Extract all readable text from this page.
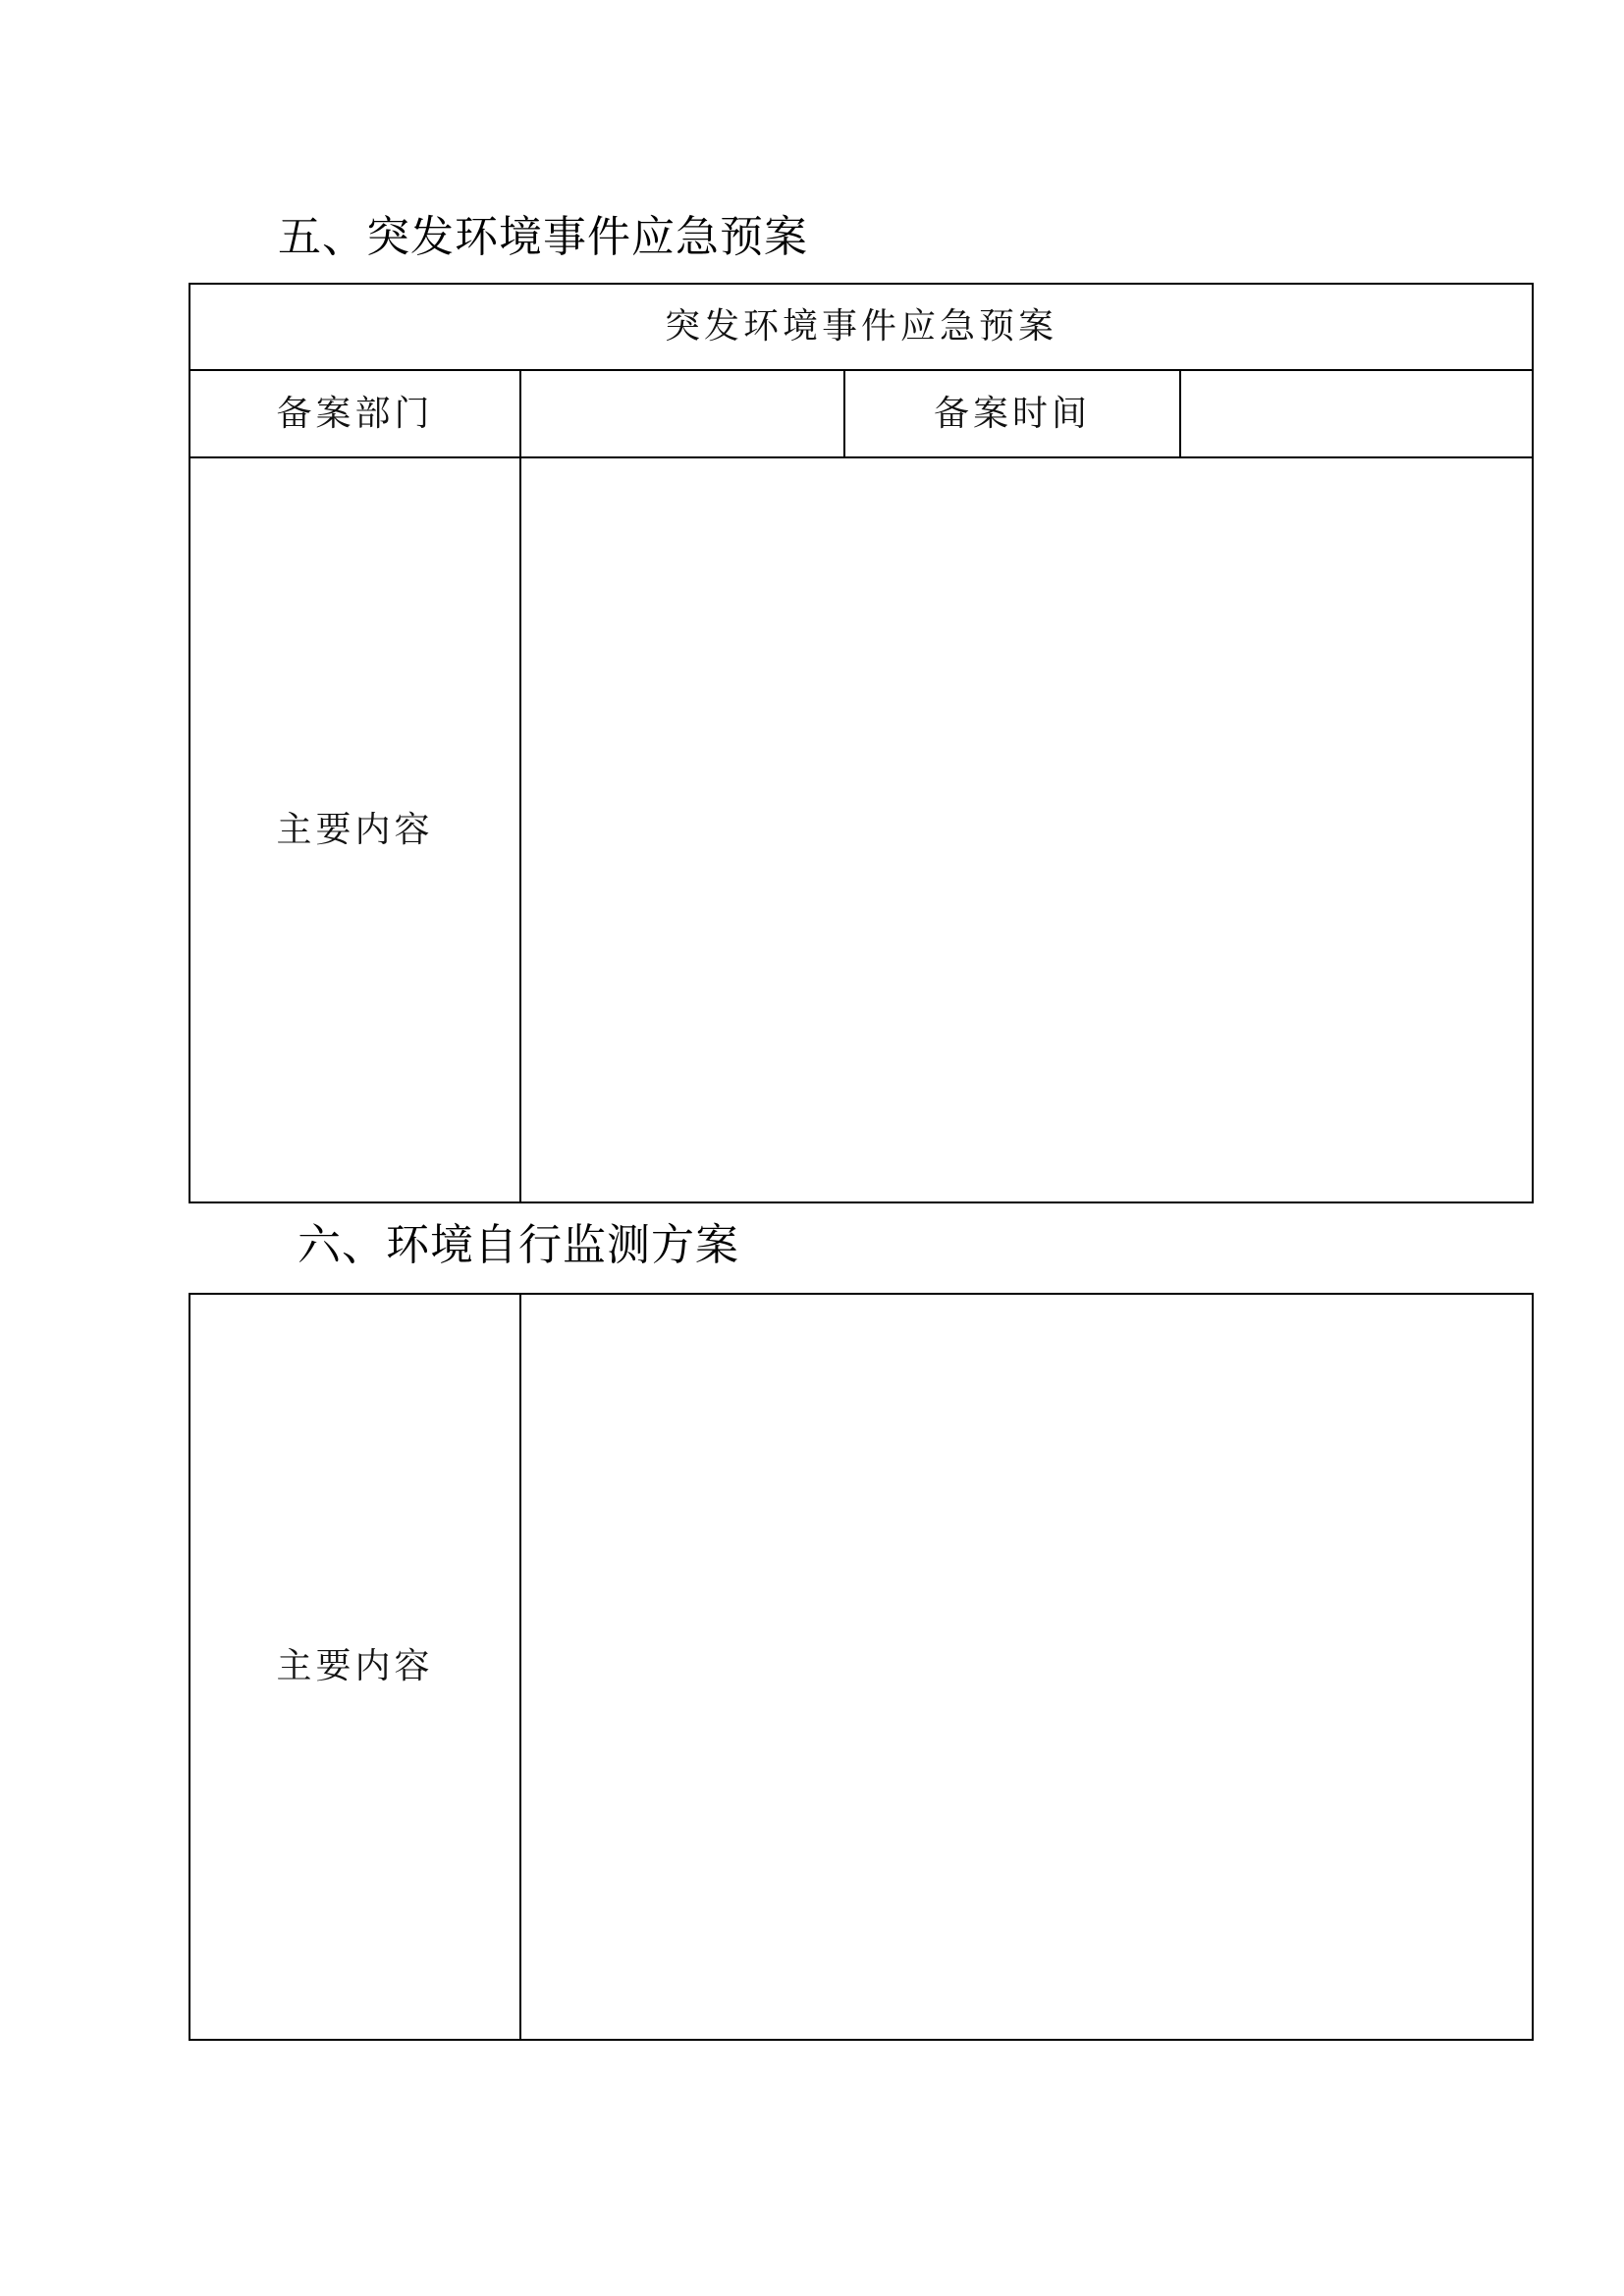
五、突发环境事件应急预案
突发环境事件应急预案			
备案部门		备案时间	
主要内容			
六、环境自行监测方案
主要内容	
